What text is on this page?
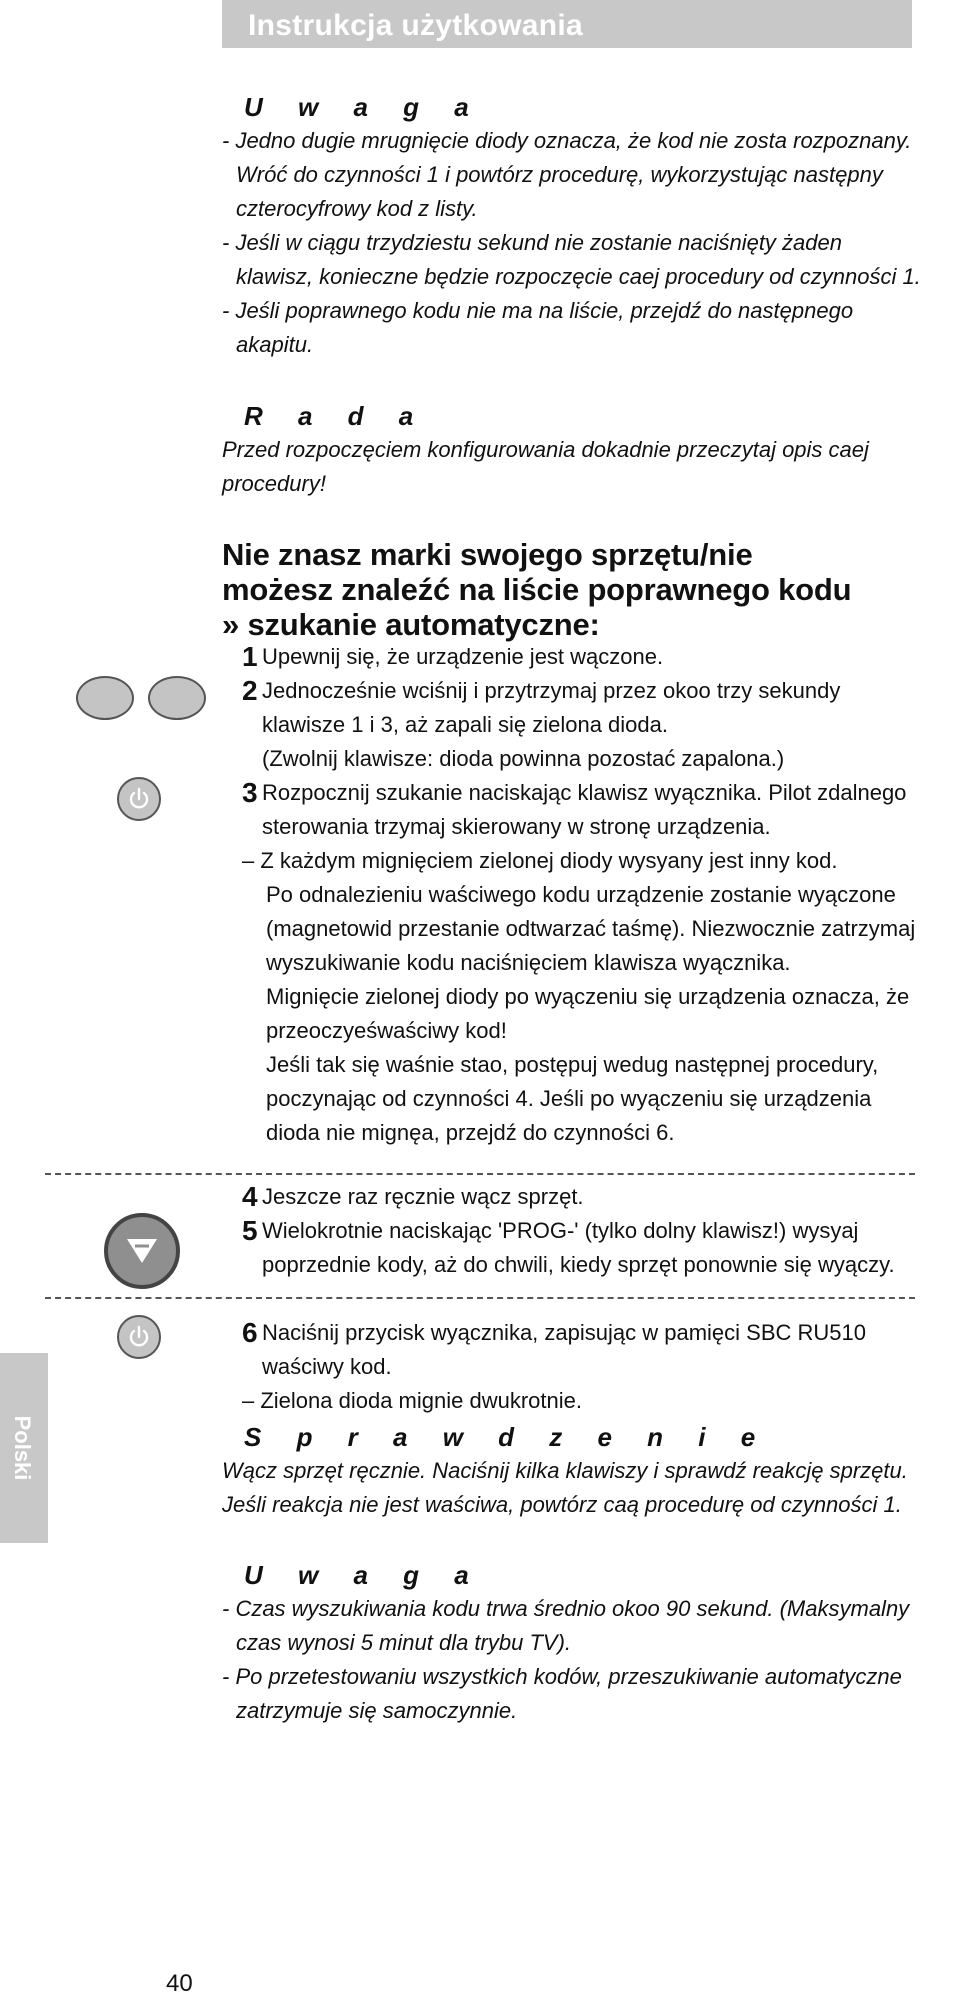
Instrukcja użytkowania
U w a g a
- Jedno dugie mrugnięcie diody oznacza, że kod nie zosta rozpoznany. Wróć do czynności 1 i powtórz procedurę, wykorzystując następny czterocyfrowy kod z listy.
- Jeśli w ciągu trzydziestu sekund nie zostanie naciśnięty żaden klawisz, konieczne będzie rozpoczęcie caej procedury od czynności 1.
- Jeśli poprawnego kodu nie ma na liście, przejdź do następnego akapitu.
R a d a
Przed rozpoczęciem konfigurowania dokadnie przeczytaj opis caej procedury!
Nie znasz marki swojego sprzętu/nie możesz znaleźć na liście poprawnego kodu » szukanie automatyczne:
1 Upewnij się, że urządzenie jest wączone.
2 Jednocześnie wciśnij i przytrzymaj przez okoo trzy sekundy
klawisze 1 i 3, aż zapali się zielona dioda.
(Zwolnij klawisze: dioda powinna pozostać zapalona.)
3 Rozpocznij szukanie naciskając klawisz wyącznika. Pilot zdalnego
sterowania trzymaj skierowany w stronę urządzenia.
– Z każdym mignięciem zielonej diody wysyany jest inny kod.
Po odnalezieniu waściwego kodu urządzenie zostanie wyączone (magnetowid przestanie odtwarzać taśmę). Niezwocznie zatrzymaj wyszukiwanie kodu naciśnięciem klawisza wyącznika.
Mignięcie zielonej diody po wyączeniu się urządzenia oznacza, że przeoczyeśwaściwy kod!
Jeśli tak się waśnie stao, postępuj wedug następnej procedury, poczynając od czynności 4. Jeśli po wyączeniu się urządzenia dioda nie mignęa, przejdź do czynności 6.
4 Jeszcze raz ręcznie wącz sprzęt.
5 Wielokrotnie naciskając 'PROG-' (tylko dolny klawisz!) wysyaj
poprzednie kody, aż do chwili, kiedy sprzęt ponownie się wyączy.
6 Naciśnij przycisk wyącznika, zapisując w pamięci SBC RU510
waściwy kod.
– Zielona dioda mignie dwukrotnie.
S p r a w d z e n i e
Wącz sprzęt ręcznie. Naciśnij kilka klawiszy i sprawdź reakcję sprzętu. Jeśli reakcja nie jest waściwa, powtórz caą procedurę od czynności 1.
U w a g a
- Czas wyszukiwania kodu trwa średnio okoo 90 sekund. (Maksymalny czas wynosi 5 minut dla trybu TV).
- Po przetestowaniu wszystkich kodów, przeszukiwanie automatyczne zatrzymuje się samoczynnie.
Polski
40
